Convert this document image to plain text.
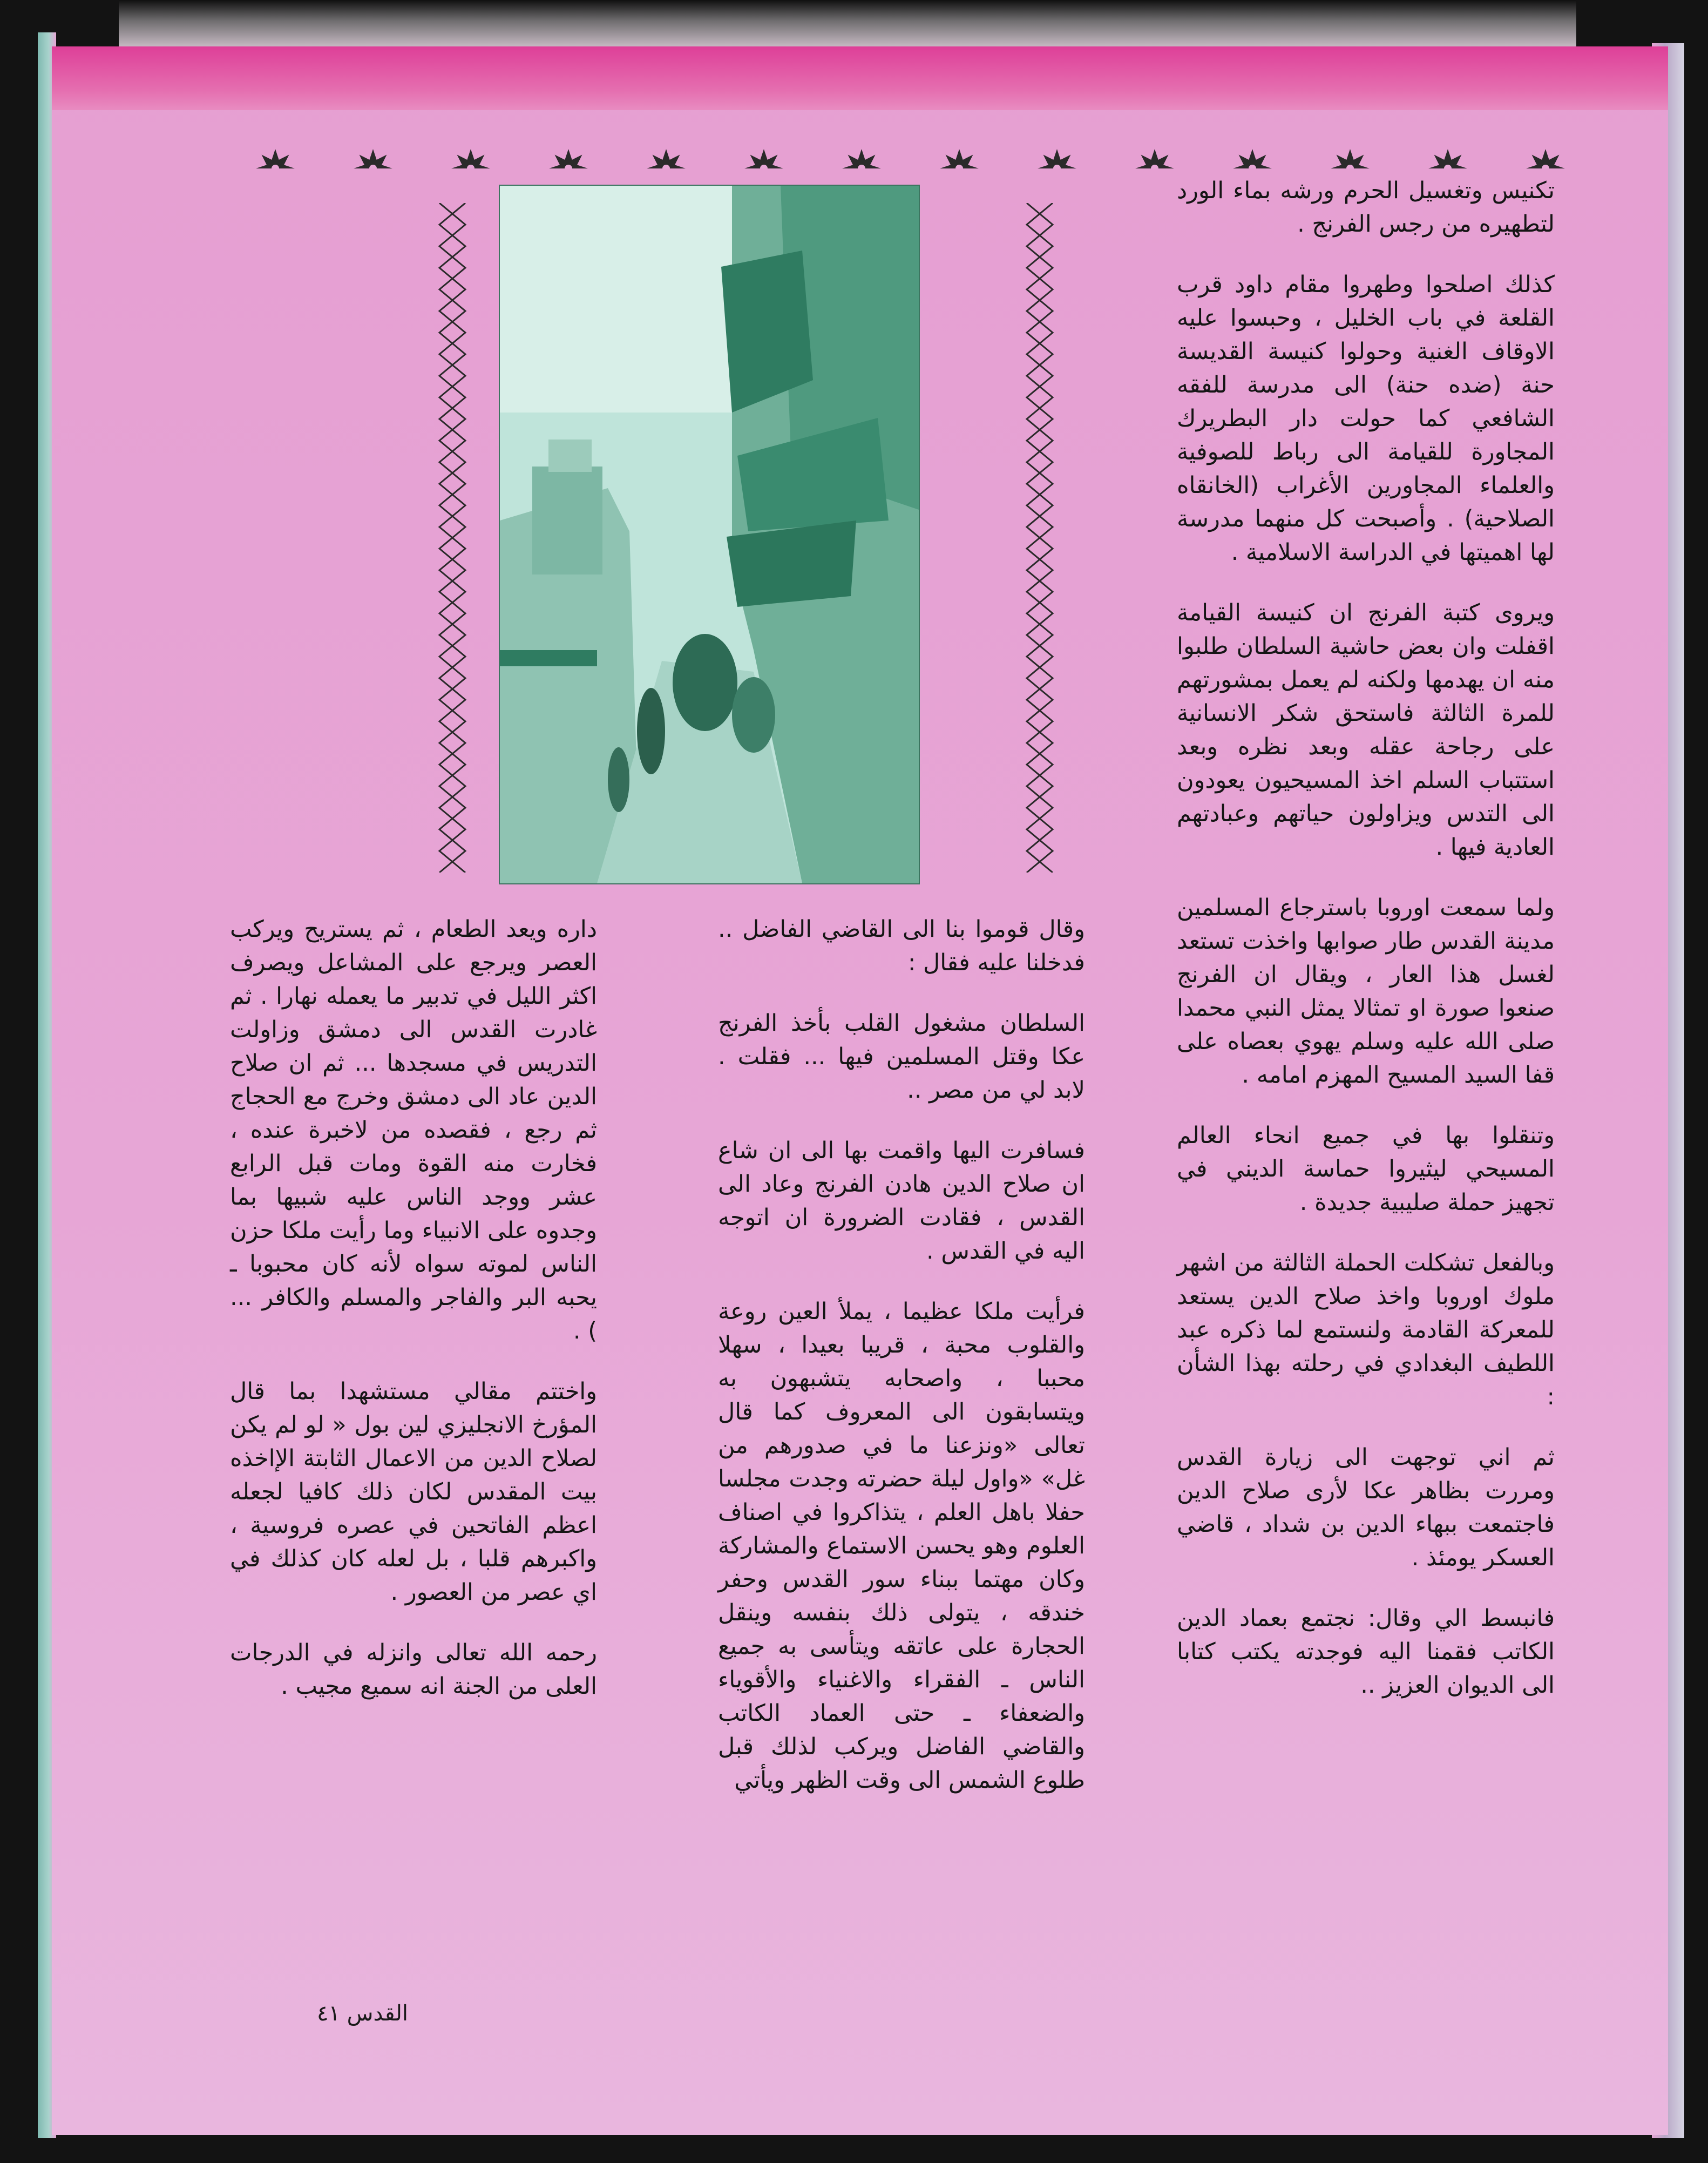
تكنيس وتغسيل الحرم ورشه بماء الورد لتطهيره من رجس الفرنج .

كذلك اصلحوا وطهروا مقام داود قرب القلعة في باب الخليل ، وحبسوا عليه الاوقاف الغنية وحولوا كنيسة القديسة حنة (ضده حنة) الى مدرسة للفقه الشافعي كما حولت دار البطريرك المجاورة للقيامة الى رباط للصوفية والعلماء المجاورين الأغراب (الخانقاه الصلاحية) . وأصبحت كل منهما مدرسة لها اهميتها في الدراسة الاسلامية .

ويروى كتبة الفرنج ان كنيسة القيامة اقفلت وان بعض حاشية السلطان طلبوا منه ان يهدمها ولكنه لم يعمل بمشورتهم للمرة الثالثة فاستحق شكر الانسانية على رجاحة عقله وبعد نظره وبعد استتباب السلم اخذ المسيحيون يعودون الى التدس ويزاولون حياتهم وعبادتهم العادية فيها .

ولما سمعت اوروبا باسترجاع المسلمين مدينة القدس طار صوابها واخذت تستعد لغسل هذا العار ، ويقال ان الفرنج صنعوا صورة او تمثالا يمثل النبي محمدا صلى الله عليه وسلم يهوي بعصاه على قفا السيد المسيح المهزم امامه .

وتنقلوا بها في جميع انحاء العالم المسيحي ليثيروا حماسة الديني في تجهيز حملة صليبية جديدة .

وبالفعل تشكلت الحملة الثالثة من اشهر ملوك اوروبا واخذ صلاح الدين يستعد للمعركة القادمة ولنستمع لما ذكره عبد اللطيف البغدادي في رحلته بهذا الشأن :

ثم اني توجهت الى زيارة القدس ومررت بظاهر عكا لأرى صلاح الدين فاجتمعت ببهاء الدين بن شداد ، قاضي العسكر يومئذ .

فانبسط الي وقال: نجتمع بعماد الدين الكاتب فقمنا اليه فوجدته يكتب كتابا الى الديوان العزيز ..

وقال قوموا بنا الى القاضي الفاضل .. فدخلنا عليه فقال :

السلطان مشغول القلب بأخذ الفرنج عكا وقتل المسلمين فيها ... فقلت . لابد لي من مصر ..

فسافرت اليها واقمت بها الى ان شاع ان صلاح الدين هادن الفرنج وعاد الى القدس ، فقادت الضرورة ان اتوجه اليه في القدس .

فرأيت ملكا عظيما ، يملأ العين روعة والقلوب محبة ، قريبا بعيدا ، سهلا محببا ، واصحابه يتشبهون به ويتسابقون الى المعروف كما قال تعالى «ونزعنا ما في صدورهم من غل» «واول ليلة حضرته وجدت مجلسا حفلا باهل العلم ، يتذاكروا في اصناف العلوم وهو يحسن الاستماع والمشاركة وكان مهتما ببناء سور القدس وحفر خندقه ، يتولى ذلك بنفسه وينقل الحجارة على عاتقه ويتأسى به جميع الناس ـ الفقراء والاغنياء والأقوياء والضعفاء ـ حتى العماد الكاتب والقاضي الفاضل ويركب لذلك قبل طلوع الشمس الى وقت الظهر ويأتي

داره ويعد الطعام ، ثم يستريح ويركب العصر ويرجع على المشاعل ويصرف اكثر الليل في تدبير ما يعمله نهارا . ثم غادرت القدس الى دمشق وزاولت التدريس في مسجدها ... ثم ان صلاح الدين عاد الى دمشق وخرج مع الحجاج ثم رجع ، فقصده من لاخبرة عنده ، فخارت منه القوة ومات قبل الرابع عشر ووجد الناس عليه شبيها بما وجدوه على الانبياء وما رأيت ملكا حزن الناس لموته سواه لأنه كان محبوبا ـ يحبه البر والفاجر والمسلم والكافر ... ) .

واختتم مقالي مستشهدا بما قال المؤرخ الانجليزي لين بول « لو لم يكن لصلاح الدين من الاعمال الثابتة الإاخذه بيت المقدس لكان ذلك كافيا لجعله اعظم الفاتحين في عصره فروسية ، واكبرهم قلبا ، بل لعله كان كذلك في اي عصر من العصور .

رحمه الله تعالى وانزله في الدرجات العلى من الجنة انه سميع مجيب .

القدس ٤١
